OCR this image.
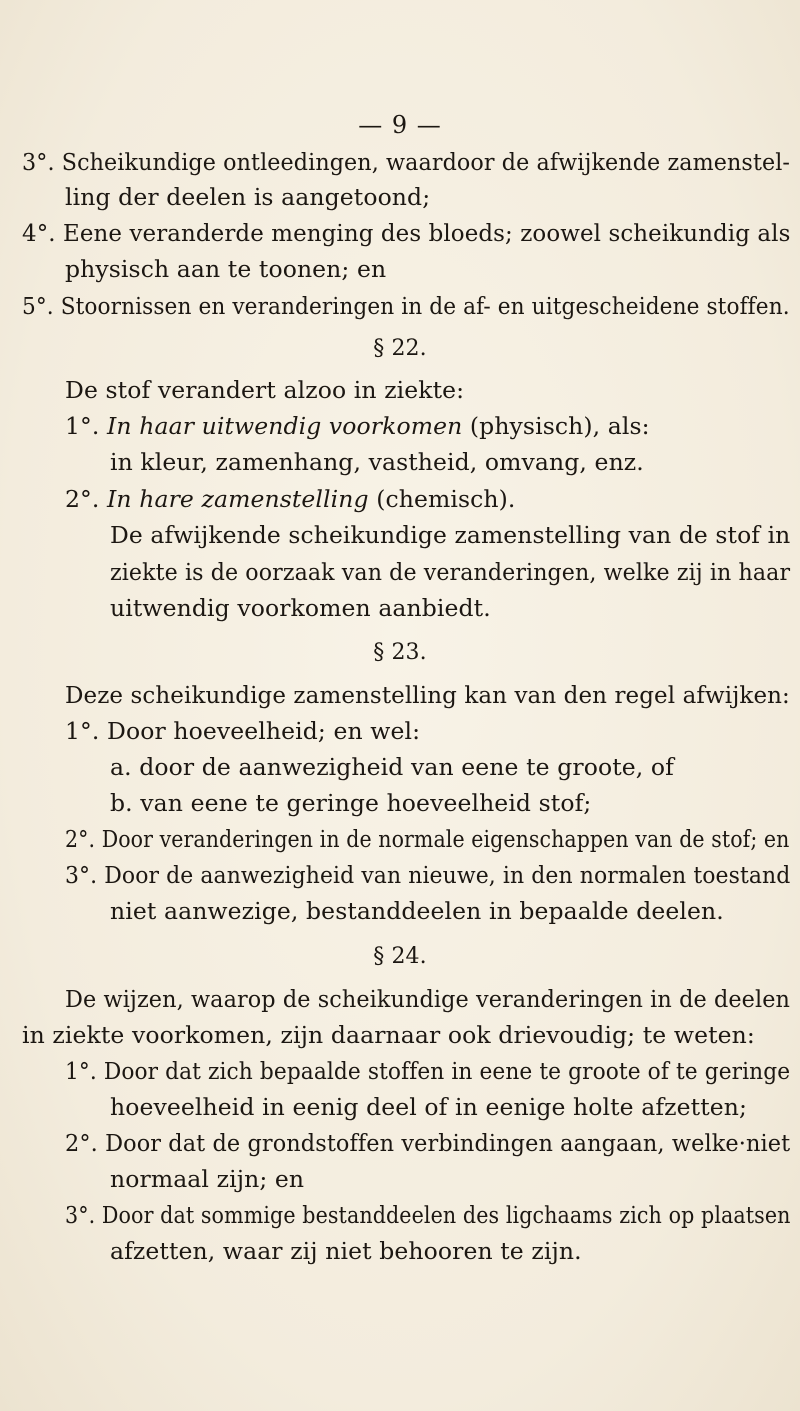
— 9 —
3°. Scheikundige ontleedingen, waardoor de afwijkende zamenstel-
ling der deelen is aangetoond;
4°. Eene veranderde menging des bloeds; zoowel scheikundig als
physisch aan te toonen; en
5°. Stoornissen en veranderingen in de af- en uitgescheidene stoffen.
§ 22.
De stof verandert alzoo in ziekte:
1°. In haar uitwendig voorkomen (physisch), als:
in kleur, zamenhang, vastheid, omvang, enz.
2°. In hare zamenstelling (chemisch).
De afwijkende scheikundige zamenstelling van de stof in
ziekte is de oorzaak van de veranderingen, welke zij in haar
uitwendig voorkomen aanbiedt.
§ 23.
Deze scheikundige zamenstelling kan van den regel afwijken:
1°. Door hoeveelheid; en wel:
a. door de aanwezigheid van eene te groote, of
b. van eene te geringe hoeveelheid stof;
2°. Door veranderingen in de normale eigenschappen van de stof; en
3°. Door de aanwezigheid van nieuwe, in den normalen toestand
niet aanwezige, bestanddeelen in bepaalde deelen.
§ 24.
De wijzen, waarop de scheikundige veranderingen in de deelen
in ziekte voorkomen, zijn daarnaar ook drievoudig; te weten:
1°. Door dat zich bepaalde stoffen in eene te groote of te geringe
hoeveelheid in eenig deel of in eenige holte afzetten;
2°. Door dat de grondstoffen verbindingen aangaan, welke·niet
normaal zijn; en
3°. Door dat sommige bestanddeelen des ligchaams zich op plaatsen
afzetten, waar zij niet behooren te zijn.
